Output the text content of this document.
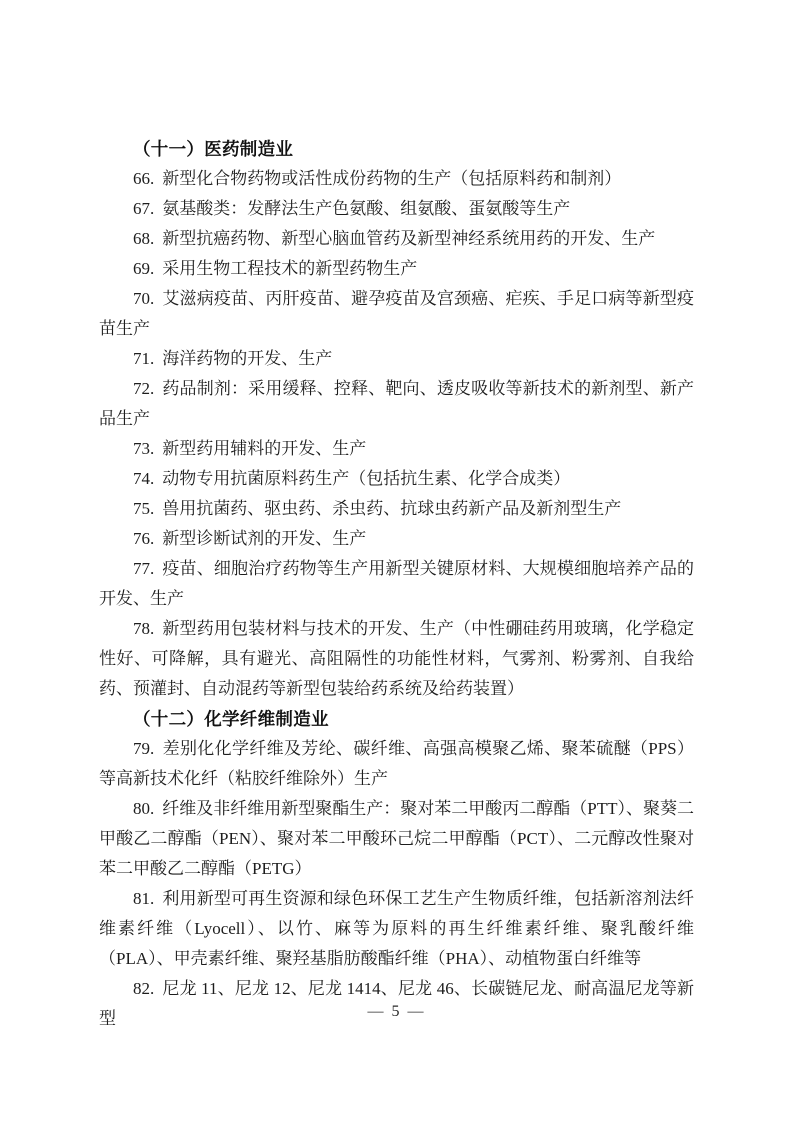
（十一）医药制造业

66. 新型化合物药物或活性成份药物的生产（包括原料药和制剂）

67. 氨基酸类：发酵法生产色氨酸、组氨酸、蛋氨酸等生产

68. 新型抗癌药物、新型心脑血管药及新型神经系统用药的开发、生产

69. 采用生物工程技术的新型药物生产

70. 艾滋病疫苗、丙肝疫苗、避孕疫苗及宫颈癌、疟疾、手足口病等新型疫苗生产

71. 海洋药物的开发、生产

72. 药品制剂：采用缓释、控释、靶向、透皮吸收等新技术的新剂型、新产品生产

73. 新型药用辅料的开发、生产

74. 动物专用抗菌原料药生产（包括抗生素、化学合成类）

75. 兽用抗菌药、驱虫药、杀虫药、抗球虫药新产品及新剂型生产

76. 新型诊断试剂的开发、生产

77. 疫苗、细胞治疗药物等生产用新型关键原材料、大规模细胞培养产品的开发、生产

78. 新型药用包装材料与技术的开发、生产（中性硼硅药用玻璃，化学稳定性好、可降解，具有避光、高阻隔性的功能性材料，气雾剂、粉雾剂、自我给药、预灌封、自动混药等新型包装给药系统及给药装置）

（十二）化学纤维制造业

79. 差别化化学纤维及芳纶、碳纤维、高强高模聚乙烯、聚苯硫醚（PPS）等高新技术化纤（粘胶纤维除外）生产

80. 纤维及非纤维用新型聚酯生产：聚对苯二甲酸丙二醇酯（PTT）、聚葵二甲酸乙二醇酯（PEN）、聚对苯二甲酸环己烷二甲醇酯（PCT）、二元醇改性聚对苯二甲酸乙二醇酯（PETG）

81. 利用新型可再生资源和绿色环保工艺生产生物质纤维，包括新溶剂法纤维素纤维（Lyocell）、以竹、麻等为原料的再生纤维素纤维、聚乳酸纤维（PLA）、甲壳素纤维、聚羟基脂肪酸酯纤维（PHA）、动植物蛋白纤维等

82. 尼龙 11、尼龙 12、尼龙 1414、尼龙 46、长碳链尼龙、耐高温尼龙等新型	— 5 —
